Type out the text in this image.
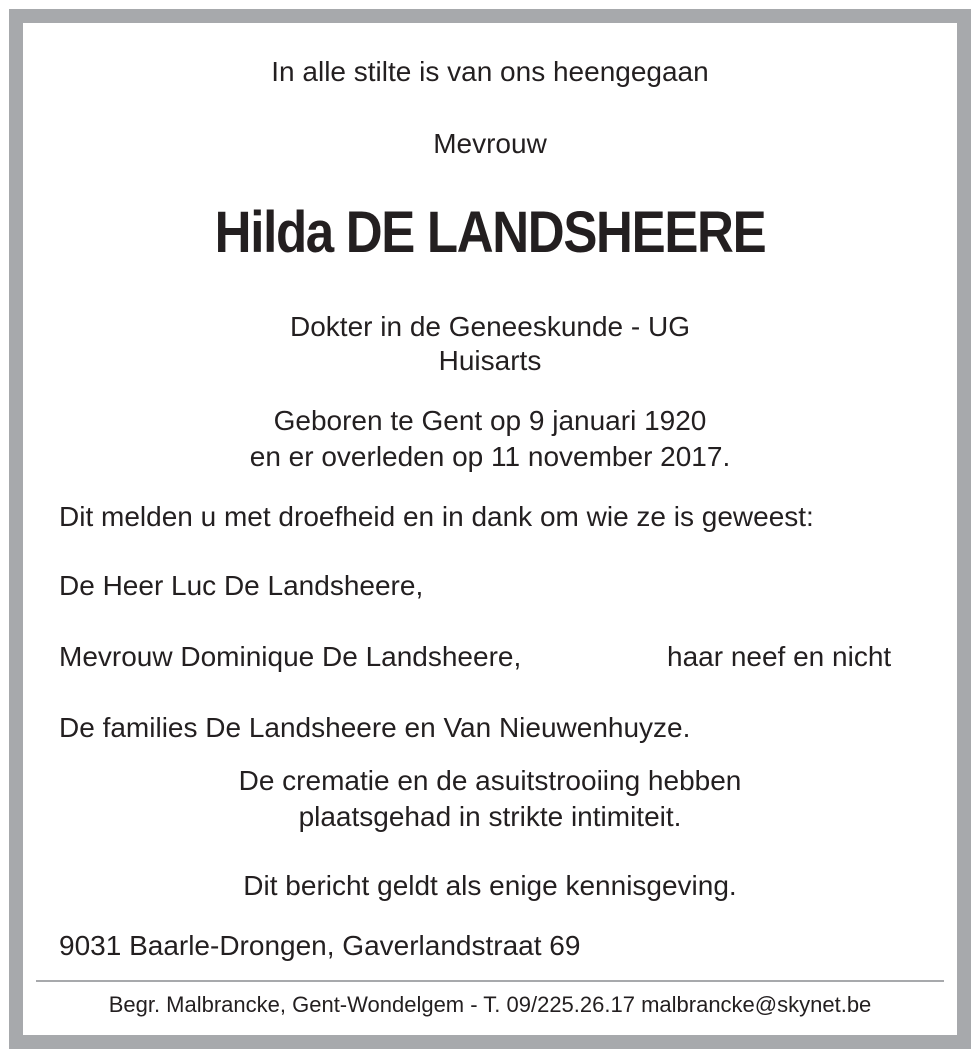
In alle stilte is van ons heengegaan
Mevrouw
Hilda DE LANDSHEERE
Dokter in de Geneeskunde - UG
Huisarts
Geboren te Gent op 9 januari 1920
en er overleden op 11 november 2017.
Dit melden u met droefheid en in dank om wie ze is geweest:
De Heer Luc De Landsheere,
Mevrouw Dominique De Landsheere,	haar neef en nicht
De families De Landsheere en Van Nieuwenhuyze.
De crematie en de asuitstrooiing hebben
plaatsgehad in strikte intimiteit.
Dit bericht geldt als enige kennisgeving.
9031 Baarle-Drongen, Gaverlandstraat 69
Begr. Malbrancke, Gent-Wondelgem - T. 09/225.26.17 malbrancke@skynet.be
